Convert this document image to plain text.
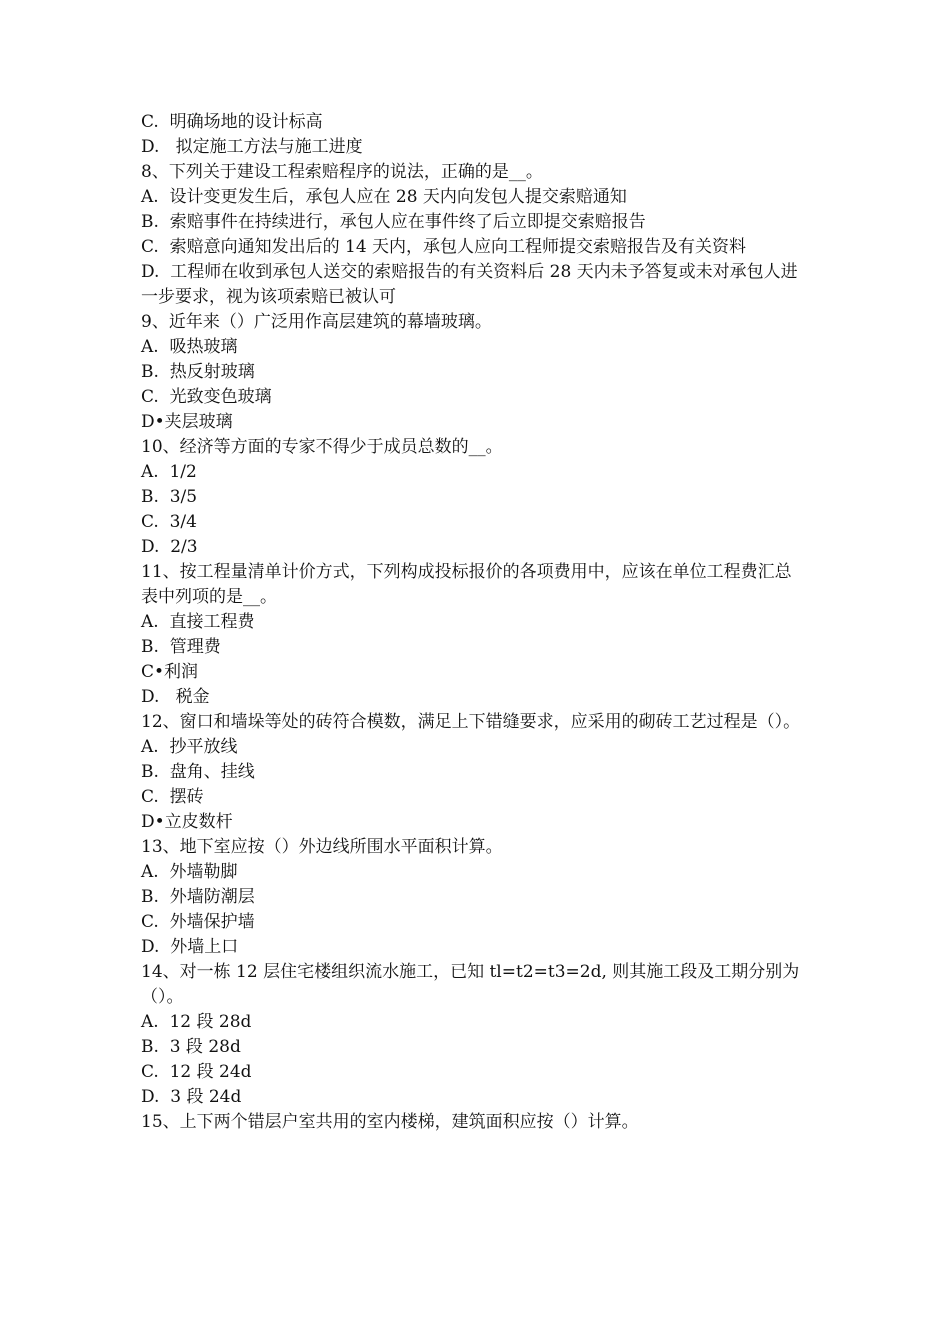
C.  明确场地的设计标高

D.   拟定施工方法与施工进度

8、下列关于建设工程索赔程序的说法，正确的是__。

A.  设计变更发生后，承包人应在 28 天内向发包人提交索赔通知

B.  索赔事件在持续进行，承包人应在事件终了后立即提交索赔报告

C.  索赔意向通知发出后的 14 天内，承包人应向工程师提交索赔报告及有关资料

D.  工程师在收到承包人送交的索赔报告的有关资料后 28 天内未予答复或未对承包人进一步要求，视为该项索赔已被认可

9、近年来（）广泛用作高层建筑的幕墙玻璃。

A.  吸热玻璃

B.  热反射玻璃

C.  光致变色玻璃

D•夹层玻璃

10、经济等方面的专家不得少于成员总数的__。

A.  1/2

B.  3/5

C.  3/4

D.  2/3

11、按工程量清单计价方式，下列构成投标报价的各项费用中，应该在单位工程费汇总表中列项的是__。

A.  直接工程费

B.  管理费

C•利润

D.   税金

12、窗口和墙垛等处的砖符合模数，满足上下错缝要求，应采用的砌砖工艺过程是（）。

A.  抄平放线

B.  盘角、挂线

C.  摆砖

D•立皮数杆

13、地下室应按（）外边线所围水平面积计算。

A.  外墙勒脚

B.  外墙防潮层

C.  外墙保护墙

D.  外墙上口

14、对一栋 12 层住宅楼组织流水施工，已知 tl=t2=t3=2d, 则其施工段及工期分别为（）。

A.  12 段 28d

B.  3 段 28d

C.  12 段 24d

D.  3 段 24d

15、上下两个错层户室共用的室内楼梯，建筑面积应按（）计算。
